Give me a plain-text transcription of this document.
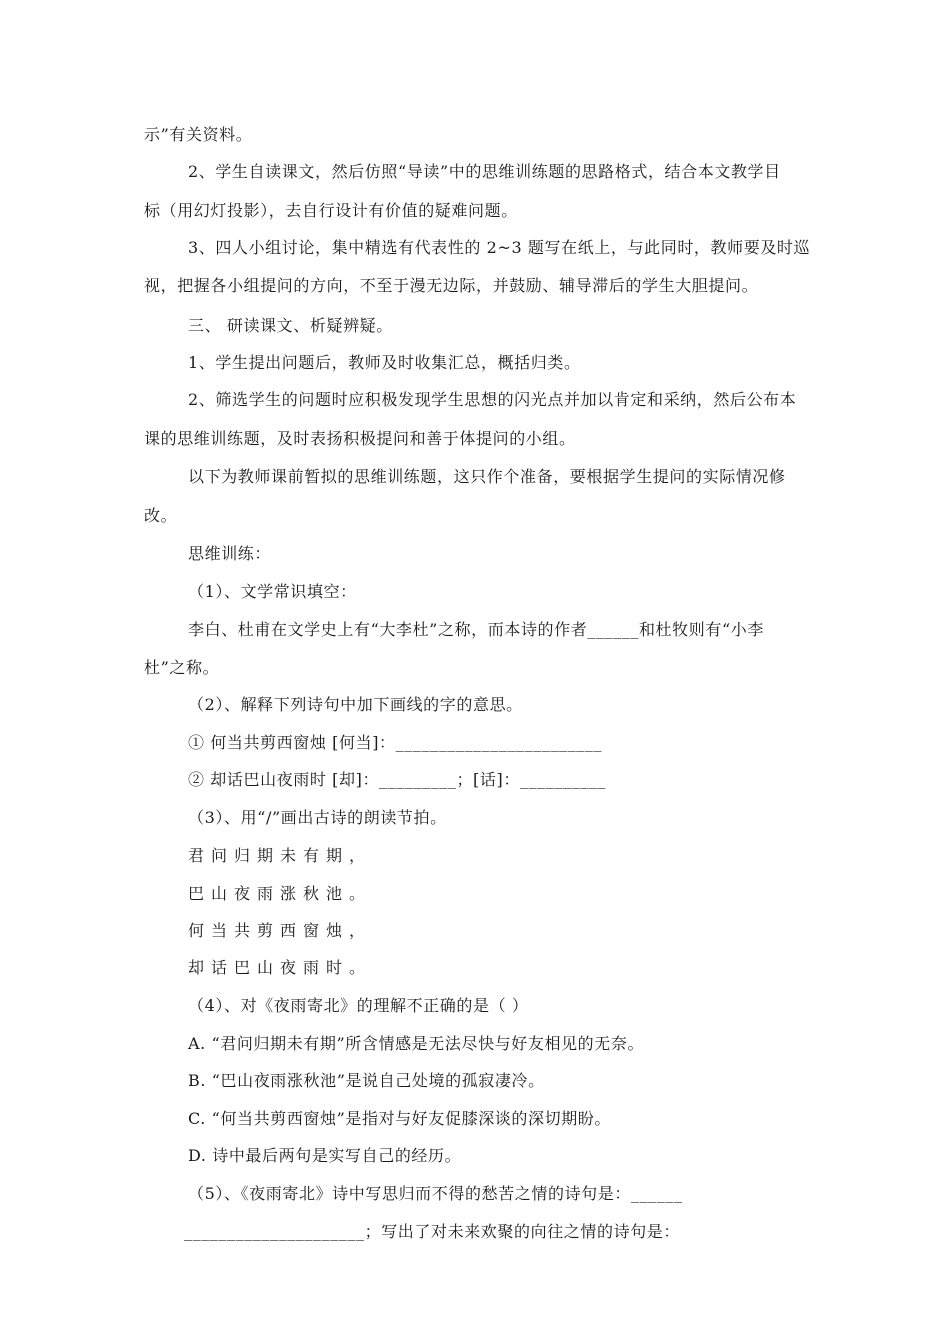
示”有关资料。
2、学生自读课文，然后仿照“导读”中的思维训练题的思路格式，结合本文教学目
标（用幻灯投影），去自行设计有价值的疑难问题。
3、四人小组讨论，集中精选有代表性的 2~3 题写在纸上，与此同时，教师要及时巡
视，把握各小组提问的方向，不至于漫无边际，并鼓励、辅导滞后的学生大胆提问。
三、 研读课文、析疑辨疑。
1、学生提出问题后，教师及时收集汇总，概括归类。
2、筛选学生的问题时应积极发现学生思想的闪光点并加以肯定和采纳，然后公布本
课的思维训练题，及时表扬积极提问和善于体提问的小组。
以下为教师课前暂拟的思维训练题，这只作个准备，要根据学生提问的实际情况修
改。
思维训练：
（1）、文学常识填空：
李白、杜甫在文学史上有“大李杜”之称，而本诗的作者______和杜牧则有“小李
杜”之称。
（2）、解释下列诗句中加下画线的字的意思。
① 何当共剪西窗烛 [何当]：________________________
② 却话巴山夜雨时 [却]：_________；[话]：__________
（3）、用“/”画出古诗的朗读节拍。
君问归期未有期，
巴山夜雨涨秋池。
何当共剪西窗烛，
却话巴山夜雨时。
（4）、对《夜雨寄北》的理解不正确的是（ ）
A. “君问归期未有期”所含情感是无法尽快与好友相见的无奈。
B. “巴山夜雨涨秋池”是说自己处境的孤寂凄冷。
C. “何当共剪西窗烛”是指对与好友促膝深谈的深切期盼。
D. 诗中最后两句是实写自己的经历。
（5）、《夜雨寄北》诗中写思归而不得的愁苦之情的诗句是：______
_____________________；写出了对未来欢聚的向往之情的诗句是：
